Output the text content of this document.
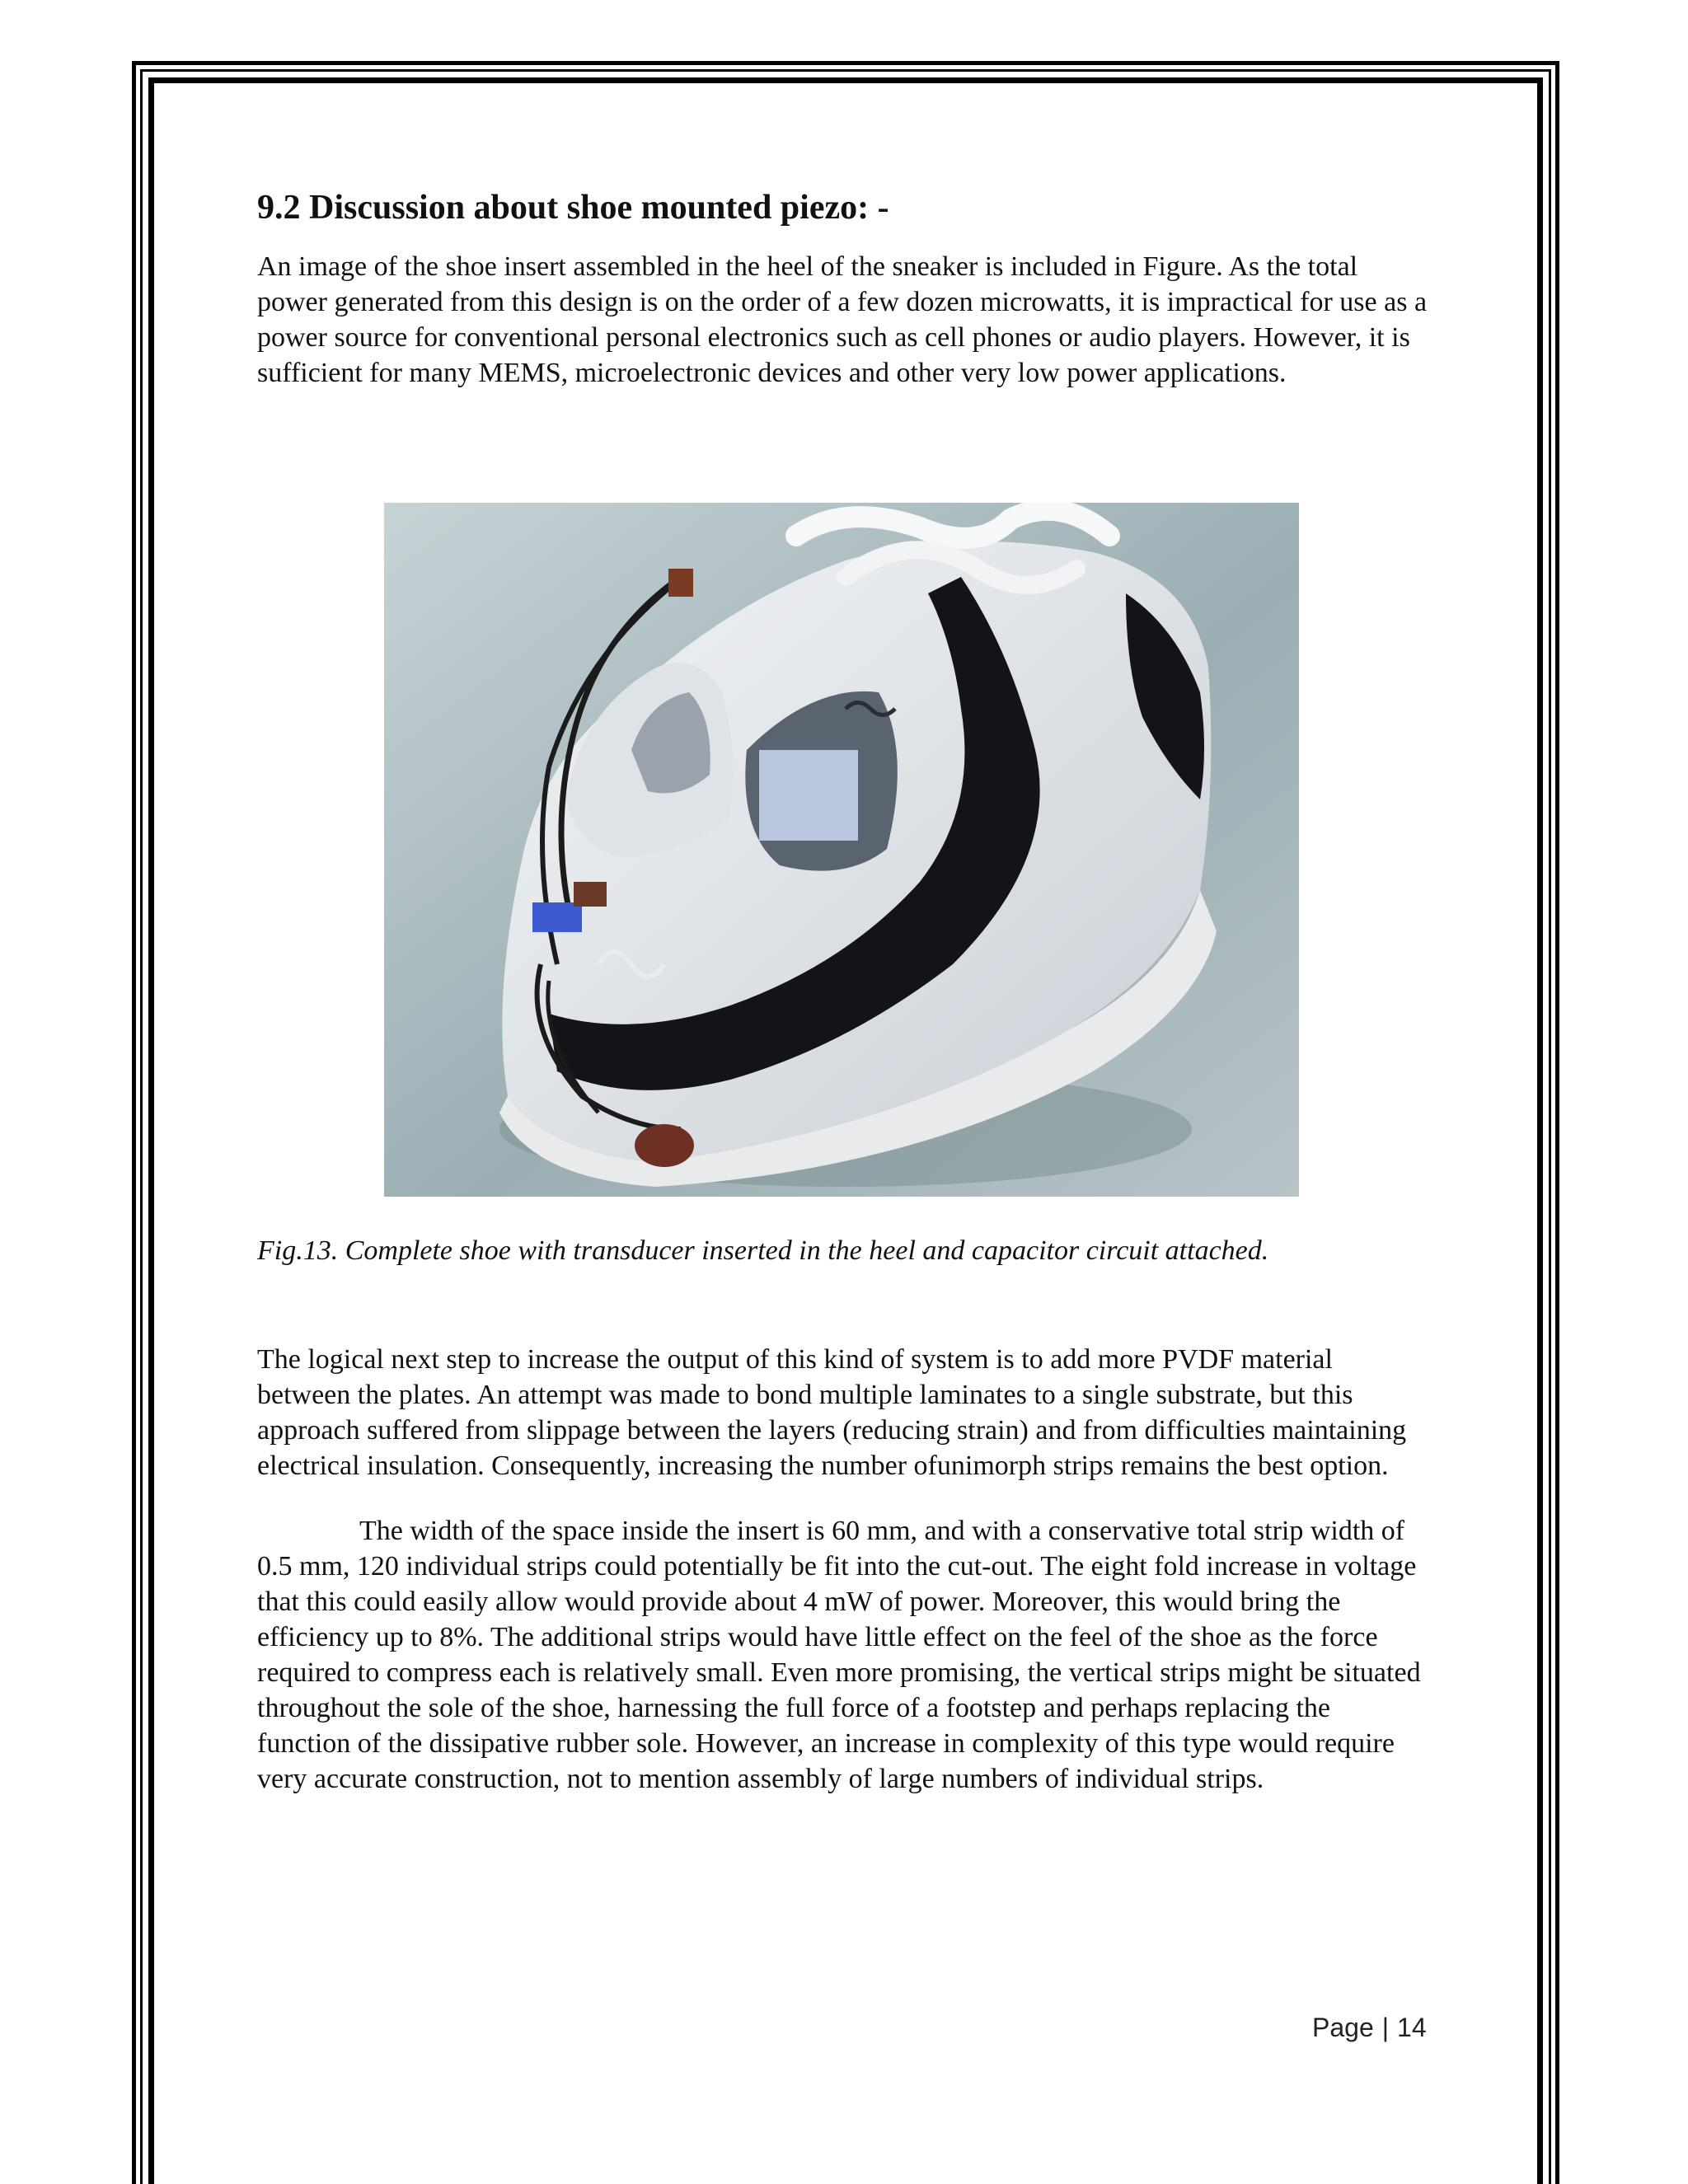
9.2 Discussion about shoe mounted piezo: -

An image of the shoe insert assembled in the heel of the sneaker is included in Figure. As the total power generated from this design is on the order of a few dozen microwatts, it is impractical for use as a power source for conventional personal electronics such as cell phones or audio players. However, it is sufficient for many MEMS, microelectronic devices and other very low power applications.

Fig.13. Complete shoe with transducer inserted in the heel and capacitor circuit attached.

The logical next step to increase the output of this kind of system is to add more PVDF material between the plates. An attempt was made to bond multiple laminates to a single substrate, but this approach suffered from slippage between the layers (reducing strain) and from difficulties maintaining electrical insulation. Consequently, increasing the number ofunimorph strips remains the best option.

The width of the space inside the insert is 60 mm, and with a conservative total strip width of 0.5 mm, 120 individual strips could potentially be fit into the cut-out. The eight fold increase in voltage that this could easily allow would provide about 4 mW of power. Moreover, this would bring the efficiency up to 8%. The additional strips would have little effect on the feel of the shoe as the force required to compress each is relatively small. Even more promising, the vertical strips might be situated throughout the sole of the shoe, harnessing the full force of a footstep and perhaps replacing the function of the dissipative rubber sole. However, an increase in complexity of this type would require very accurate construction, not to mention assembly of large numbers of individual strips.

Page | 14
